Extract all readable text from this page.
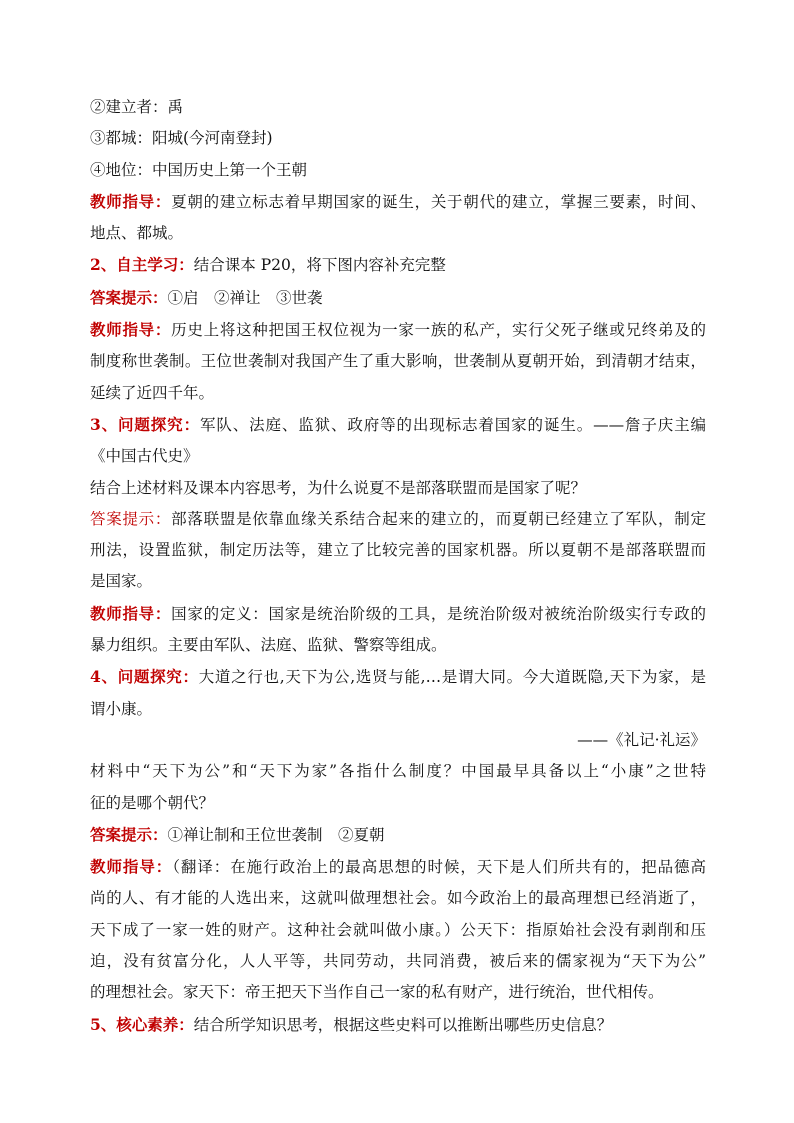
②建立者：禹

③都城：阳城(今河南登封)

④地位：中国历史上第一个王朝

教师指导：夏朝的建立标志着早期国家的诞生，关于朝代的建立，掌握三要素，时间、

地点、都城。

2、自主学习：结合课本 P20，将下图内容补充完整

答案提示：①启　②禅让　③世袭

教师指导：历史上将这种把国王权位视为一家一族的私产，实行父死子继或兄终弟及的

制度称世袭制。王位世袭制对我国产生了重大影响，世袭制从夏朝开始，到清朝才结束，

延续了近四千年。

3、问题探究：军队、法庭、监狱、政府等的出现标志着国家的诞生。——詹子庆主编

《中国古代史》

结合上述材料及课本内容思考，为什么说夏不是部落联盟而是国家了呢？

答案提示：部落联盟是依靠血缘关系结合起来的建立的，而夏朝已经建立了军队，制定

刑法，设置监狱，制定历法等，建立了比较完善的国家机器。所以夏朝不是部落联盟而

是国家。

教师指导：国家的定义：国家是统治阶级的工具，是统治阶级对被统治阶级实行专政的

暴力组织。主要由军队、法庭、监狱、警察等组成。

4、问题探究：大道之行也,天下为公,选贤与能,…是谓大同。今大道既隐,天下为家，是

谓小康。

——《礼记·礼运》

材料中“天下为公”和“天下为家”各指什么制度？中国最早具备以上“小康”之世特

征的是哪个朝代？

答案提示：①禅让制和王位世袭制　②夏朝

教师指导：（翻译：在施行政治上的最高思想的时候，天下是人们所共有的，把品德高

尚的人、有才能的人选出来，这就叫做理想社会。如今政治上的最高理想已经消逝了，

天下成了一家一姓的财产。这种社会就叫做小康。）公天下：指原始社会没有剥削和压

迫，没有贫富分化，人人平等，共同劳动，共同消费，被后来的儒家视为“天下为公”

的理想社会。家天下：帝王把天下当作自己一家的私有财产，进行统治，世代相传。

5、核心素养：结合所学知识思考，根据这些史料可以推断出哪些历史信息？
